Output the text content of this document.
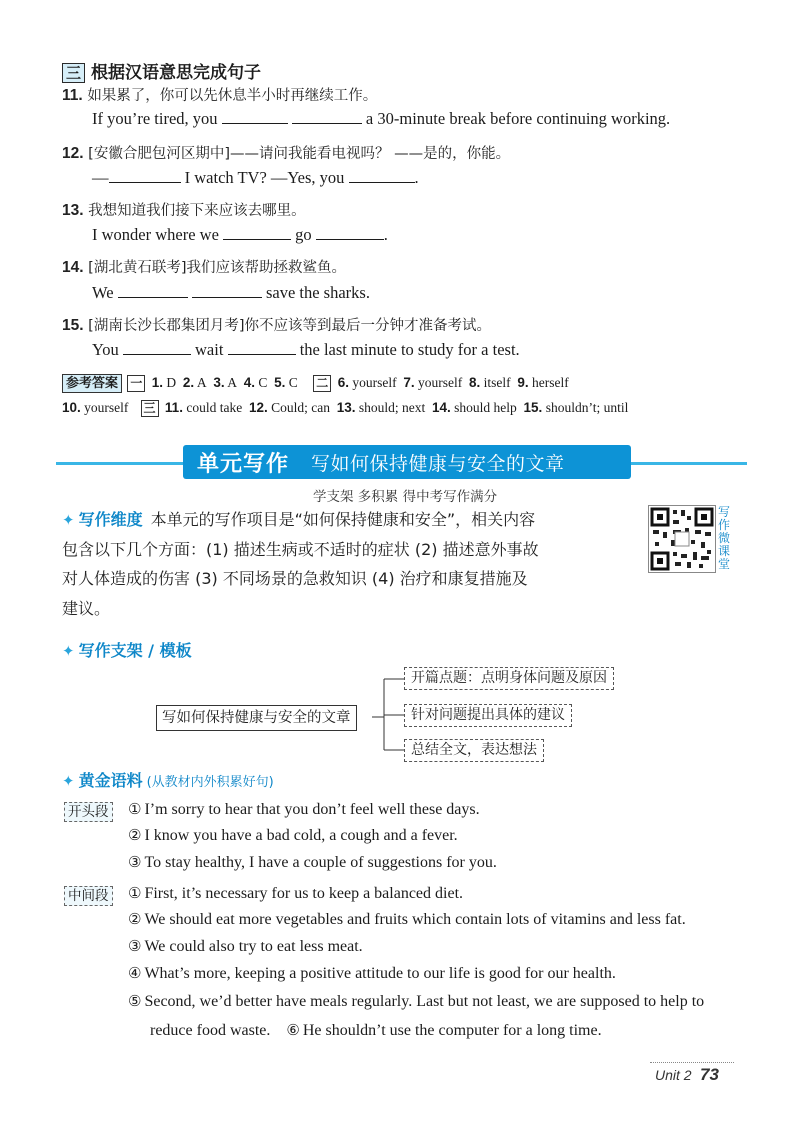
三 根据汉语意思完成句子
11. 如果累了，你可以先休息半小时再继续工作。
If you’re tired, you	a 30-minute break before continuing working.
12. [安徽合肥包河区期中]——请问我能看电视吗？ ——是的，你能。
—	I watch TV? —Yes, you	.
13. 我想知道我们接下来应该去哪里。
I wonder where we	go	.
14. [湖北黄石联考]我们应该帮助拯救鲨鱼。
We	save the sharks.
15. [湖南长沙长郡集团月考]你不应该等到最后一分钟才准备考试。
You	wait	the last minute to study for a test.
参考答案 一 1. D 2. A 3. A 4. C 5. C 二 6. yourself 7. yourself 8. itself 9. herself
10. yourself 三 11. could take 12. Could; can 13. should; next 14. should help 15. shouldn’t; until
单元写作 写如何保持健康与安全的文章
学支架 多积累 得中考写作满分
✦ 写作维度 本单元的写作项目是“如何保持健康和安全”，相关内容
包含以下几个方面：(1) 描述生病或不适时的症状 (2) 描述意外事故
对人体造成的伤害 (3) 不同场景的急救知识 (4) 治疗和康复措施及
建议。
写作微课堂
✦ 写作支架 / 模板
写如何保持健康与安全的文章
开篇点题：点明身体问题及原因
针对问题提出具体的建议
总结全文，表达想法
✦ 黄金语料 (从教材内外积累好句)
开头段 ① I’m sorry to hear that you don’t feel well these days.
② I know you have a bad cold, a cough and a fever.
③ To stay healthy, I have a couple of suggestions for you.
中间段 ① First, it’s necessary for us to keep a balanced diet.
② We should eat more vegetables and fruits which contain lots of vitamins and less fat.
③ We could also try to eat less meat.
④ What’s more, keeping a positive attitude to our life is good for our health.
⑤ Second, we’d better have meals regularly. Last but not least, we are supposed to help to
reduce food waste. ⑥ He shouldn’t use the computer for a long time.
Unit 2 73
